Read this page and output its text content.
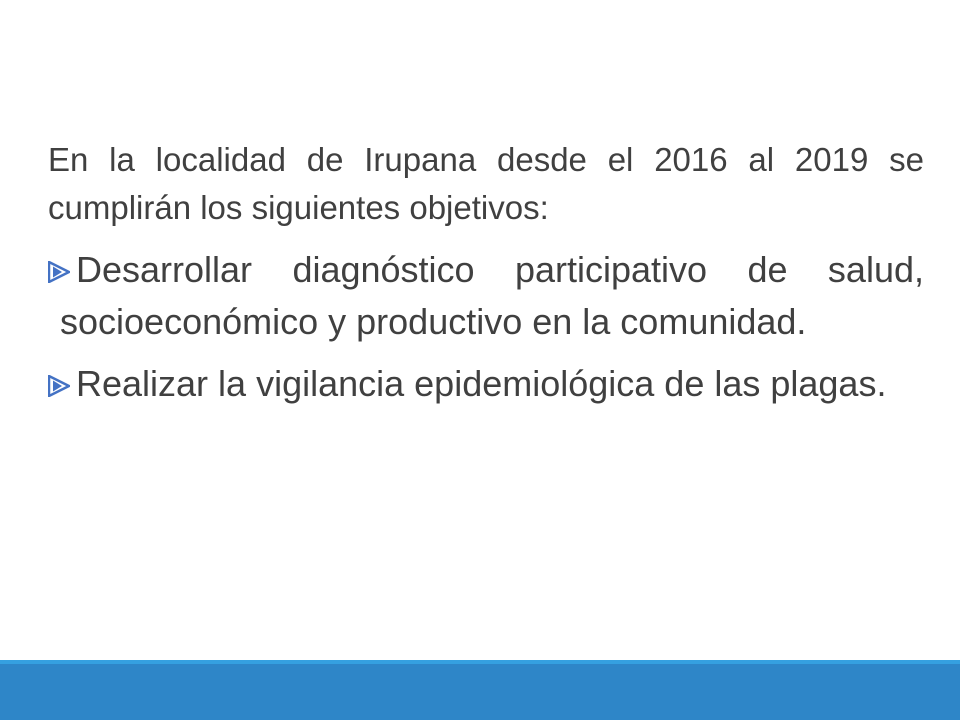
En la localidad de Irupana desde el 2016 al 2019 se cumplirán los siguientes objetivos:

Desarrollar diagnóstico participativo de salud, socioeconómico y productivo en la comunidad.
Realizar la vigilancia epidemiológica de las plagas.
